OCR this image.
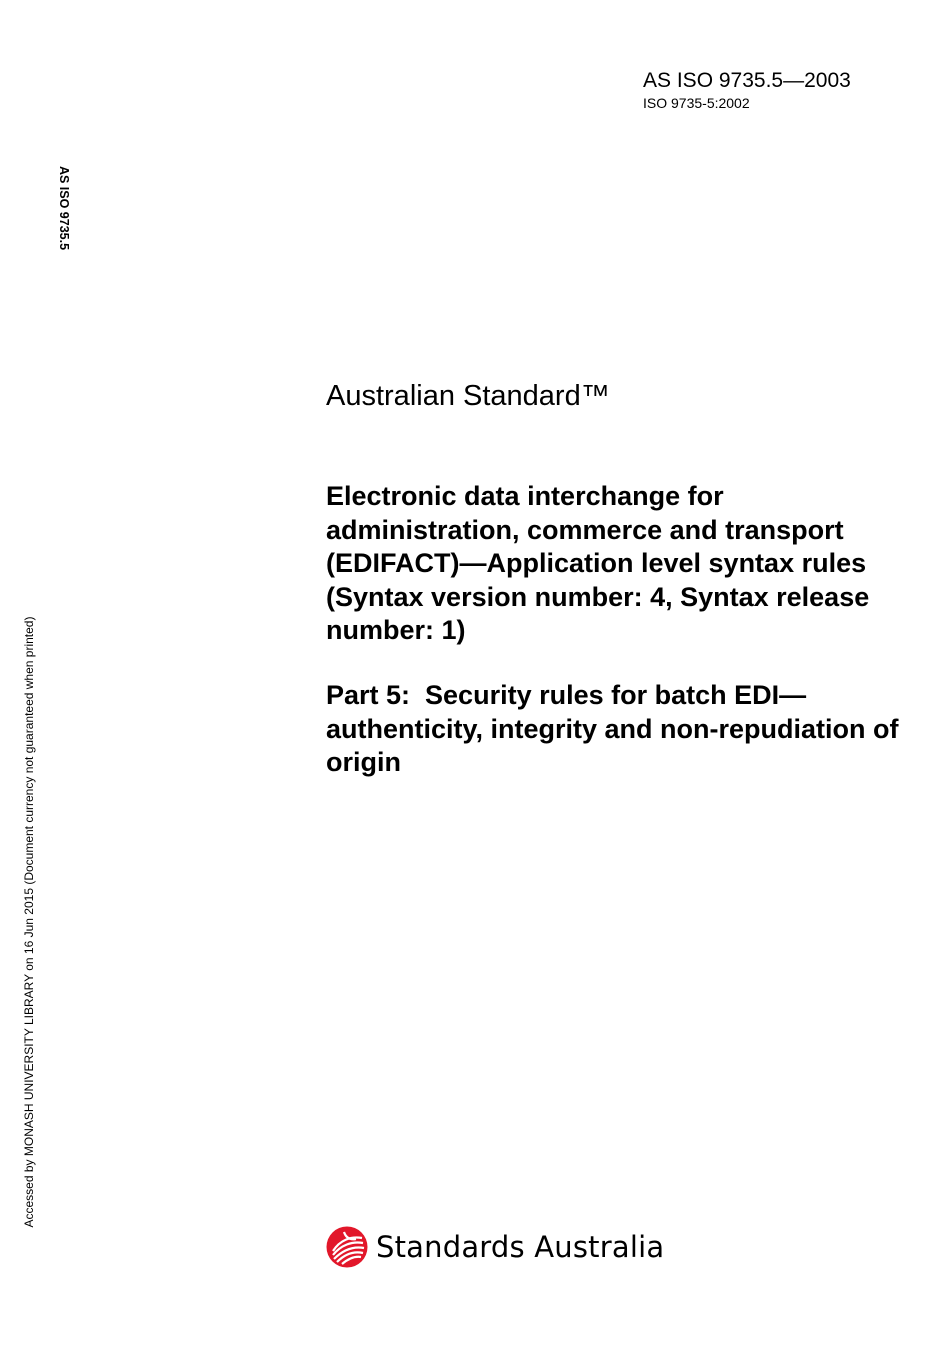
AS ISO 9735.5—2003
ISO 9735-5:2002
AS ISO 9735.5
Accessed by MONASH UNIVERSITY LIBRARY on 16 Jun 2015 (Document currency not guaranteed when printed)
Australian Standard™
Electronic data interchange for administration, commerce and transport (EDIFACT)—Application level syntax rules (Syntax version number: 4, Syntax release number: 1)
Part 5:  Security rules for batch EDI—authenticity, integrity and non-repudiation of origin
Standards Australia
